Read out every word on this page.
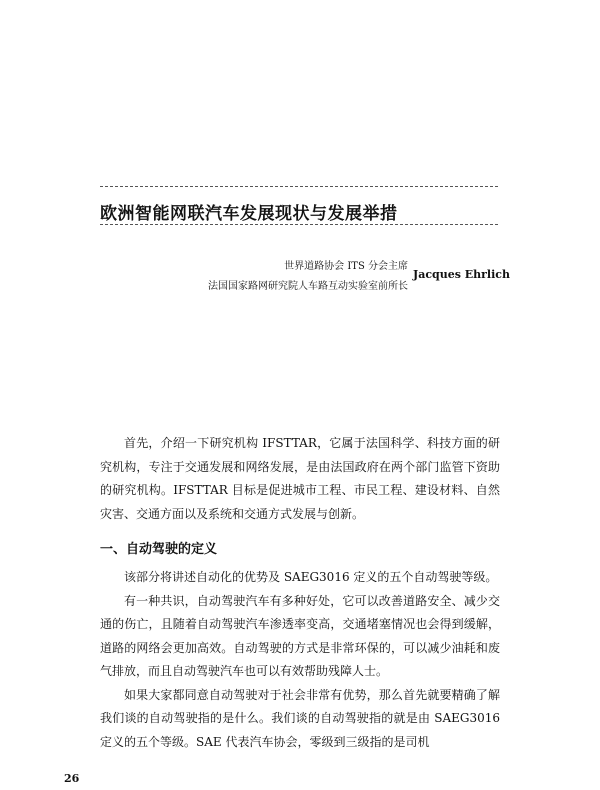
欧洲智能网联汽车发展现状与发展举措
世界道路协会 ITS 分会主席
法国国家路网研究院人车路互动实验室前所长
Jacques Ehrlich

首先，介绍一下研究机构 IFSTTAR，它属于法国科学、科技方面的研究机构，专注于交通发展和网络发展，是由法国政府在两个部门监管下资助的研究机构。IFSTTAR 目标是促进城市工程、市民工程、建设材料、自然灾害、交通方面以及系统和交通方式发展与创新。

一、自动驾驶的定义

该部分将讲述自动化的优势及 SAEG3016 定义的五个自动驾驶等级。

有一种共识，自动驾驶汽车有多种好处，它可以改善道路安全、减少交通的伤亡，且随着自动驾驶汽车渗透率变高，交通堵塞情况也会得到缓解，道路的网络会更加高效。自动驾驶的方式是非常环保的，可以减少油耗和废气排放，而且自动驾驶汽车也可以有效帮助残障人士。

如果大家都同意自动驾驶对于社会非常有优势，那么首先就要精确了解我们谈的自动驾驶指的是什么。我们谈的自动驾驶指的就是由 SAEG3016 定义的五个等级。SAE 代表汽车协会，零级到三级指的是司机

26
